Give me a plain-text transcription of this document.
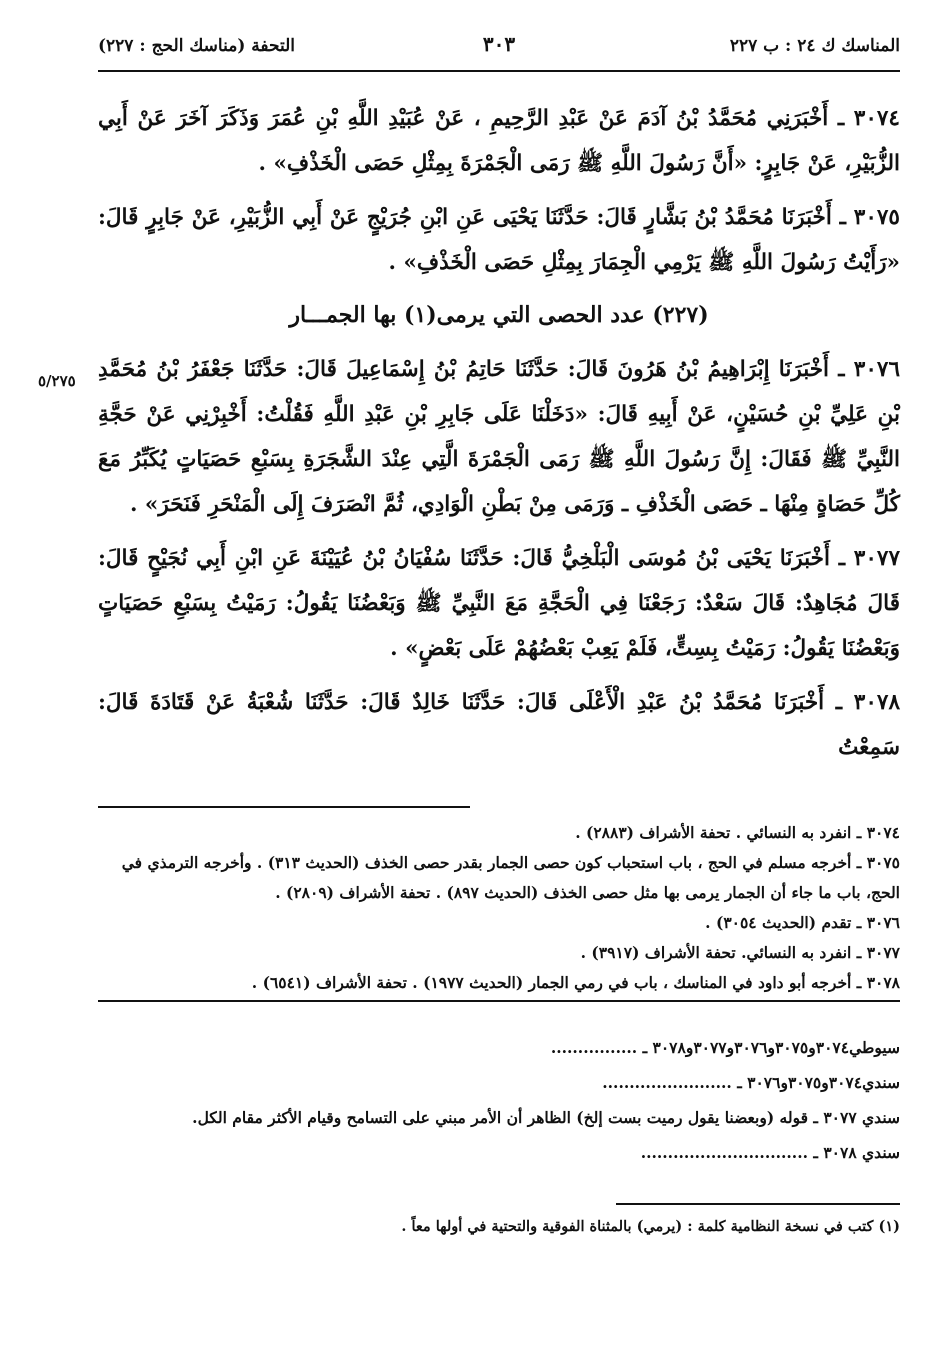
المناسك ك ٢٤ : ب ٢٢٧
٣٠٣
التحفة (مناسك الحج : ٢٢٧)
٥/٢٧٥

٣٠٧٤ ـ أَخْبَرَنِي مُحَمَّدُ بْنُ آدَمَ عَنْ عَبْدِ الرَّحِيمِ ، عَنْ عُبَيْدِ اللَّهِ بْنِ عُمَرَ وَذَكَرَ آخَرَ عَنْ أَبِي الزُّبَيْرِ، عَنْ جَابِرٍ: «أَنَّ رَسُولَ اللَّهِ ﷺ رَمَى الْجَمْرَةَ بِمِثْلِ حَصَى الْخَذْفِ» .

٣٠٧٥ ـ أَخْبَرَنَا مُحَمَّدُ بْنُ بَشَّارٍ قَالَ: حَدَّثَنَا يَحْيَى عَنِ ابْنِ جُرَيْجٍ عَنْ أَبِي الزُّبَيْرِ، عَنْ جَابِرٍ قَالَ: «رَأَيْتُ رَسُولَ اللَّهِ ﷺ يَرْمِي الْجِمَارَ بِمِثْلِ حَصَى الْخَذْفِ» .

(٢٢٧) عدد الحصى التي يرمى(١) بها الجمـــار

٣٠٧٦ ـ أَخْبَرَنَا إِبْرَاهِيمُ بْنُ هَرُونَ قَالَ: حَدَّثَنَا حَاتِمُ بْنُ إِسْمَاعِيلَ قَالَ: حَدَّثَنَا جَعْفَرُ بْنُ مُحَمَّدِ بْنِ عَلِيِّ بْنِ حُسَيْنٍ، عَنْ أَبِيهِ قَالَ: «دَخَلْنَا عَلَى جَابِرِ بْنِ عَبْدِ اللَّهِ فَقُلْتُ: أَخْبِرْنِي عَنْ حَجَّةِ النَّبِيِّ ﷺ فَقَالَ: إِنَّ رَسُولَ اللَّهِ ﷺ رَمَى الْجَمْرَةَ الَّتِي عِنْدَ الشَّجَرَةِ بِسَبْعِ حَصَيَاتٍ يُكَبِّرُ مَعَ كُلِّ حَصَاةٍ مِنْهَا ـ حَصَى الْخَذْفِ ـ وَرَمَى مِنْ بَطْنِ الْوَادِي، ثُمَّ انْصَرَفَ إِلَى الْمَنْحَرِ فَنَحَرَ» .

٣٠٧٧ ـ أَخْبَرَنَا يَحْيَى بْنُ مُوسَى الْبَلْخِيُّ قَالَ: حَدَّثَنَا سُفْيَانُ بْنُ عُيَيْنَةَ عَنِ ابْنِ أَبِي نُجَيْحٍ قَالَ: قَالَ مُجَاهِدٌ: قَالَ سَعْدٌ: رَجَعْنَا فِي الْحَجَّةِ مَعَ النَّبِيِّ ﷺ وَبَعْضُنَا يَقُولُ: رَمَيْتُ بِسَبْعِ حَصَيَاتٍ وَبَعْضُنَا يَقُولُ: رَمَيْتُ بِسِتٍّ، فَلَمْ يَعِبْ بَعْضُهُمْ عَلَى بَعْضٍ» .

٣٠٧٨ ـ أَخْبَرَنَا مُحَمَّدُ بْنُ عَبْدِ الْأَعْلَى قَالَ: حَدَّثَنَا خَالِدٌ قَالَ: حَدَّثَنَا شُعْبَةُ عَنْ قَتَادَةَ قَالَ: سَمِعْتُ

٣٠٧٤ ـ انفرد به النسائي . تحفة الأشراف (٢٨٨٣) .

٣٠٧٥ ـ أخرجه مسلم في الحج ، باب استحباب كون حصى الجمار بقدر حصى الخذف (الحديث ٣١٣) . وأخرجه الترمذي في الحج، باب ما جاء أن الجمار يرمى بها مثل حصى الخذف (الحديث ٨٩٧) . تحفة الأشراف (٢٨٠٩) .

٣٠٧٦ ـ تقدم (الحديث ٣٠٥٤) .

٣٠٧٧ ـ انفرد به النسائي. تحفة الأشراف (٣٩١٧) .

٣٠٧٨ ـ أخرجه أبو داود في المناسك ، باب في رمي الجمار (الحديث ١٩٧٧) . تحفة الأشراف (٦٥٤١) .

سيوطي٣٠٧٤و٣٠٧٥و٣٠٧٦و٣٠٧٧و٣٠٧٨ ـ ................

سندي٣٠٧٤و٣٠٧٥و٣٠٧٦ ـ ........................

سندي ٣٠٧٧ ـ قوله (وبعضنا يقول رميت بست إلخ) الظاهر أن الأمر مبني على التسامح وقيام الأكثر مقام الكل.

سندي ٣٠٧٨ ـ ...............................

(١) كتب في نسخة النظامية كلمة : (يرمي) بالمثناة الفوقية والتحتية في أولها معاً .
